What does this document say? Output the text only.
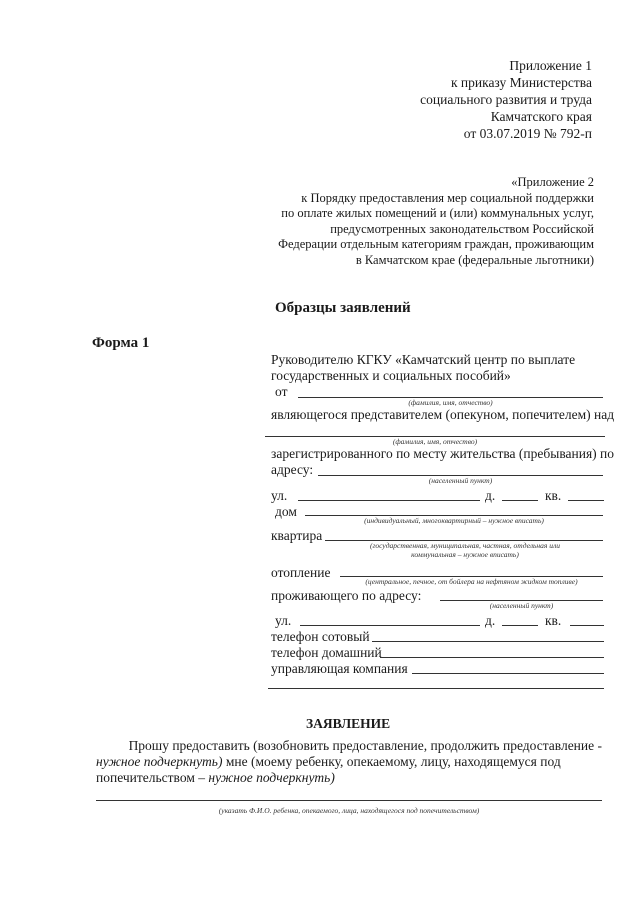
Приложение 1
к приказу Министерства
социального развития и труда
Камчатского края
от 03.07.2019 № 792-п
«Приложение 2
к Порядку предоставления мер социальной поддержки
по оплате жилых помещений и (или) коммунальных услуг,
предусмотренных законодательством Российской
Федерации отдельным категориям граждан, проживающим
в Камчатском крае (федеральные льготники)
Образцы заявлений
Форма 1
Руководителю КГКУ «Камчатский центр по выплате
государственных и социальных пособий»
от
(фамилия, имя, отчество)
являющегося представителем (опекуном, попечителем) над
(фамилия, имя, отчество)
зарегистрированного по месту жительства (пребывания) по
адресу:
(населенный пункт)
ул.	д.	кв.
дом
(индивидуальный, многоквартирный – нужное вписать)
квартира
(государственная, муниципальная, частная, отдельная или
коммунальная – нужное вписать)
отопление
(центральное, печное, от бойлера на нефтяном жидком топливе)
проживающего по адресу:
(населенный пункт)
ул.	д.	кв.
телефон сотовый
телефон домашний
управляющая компания
ЗАЯВЛЕНИЕ
Прошу предоставить (возобновить предоставление, продолжить предоставление -
нужное подчеркнуть) мне (моему ребенку, опекаемому, лицу, находящемуся под
попечительством – нужное подчеркнуть)
(указать Ф.И.О. ребенка, опекаемого, лица, находящегося под попечительством)
